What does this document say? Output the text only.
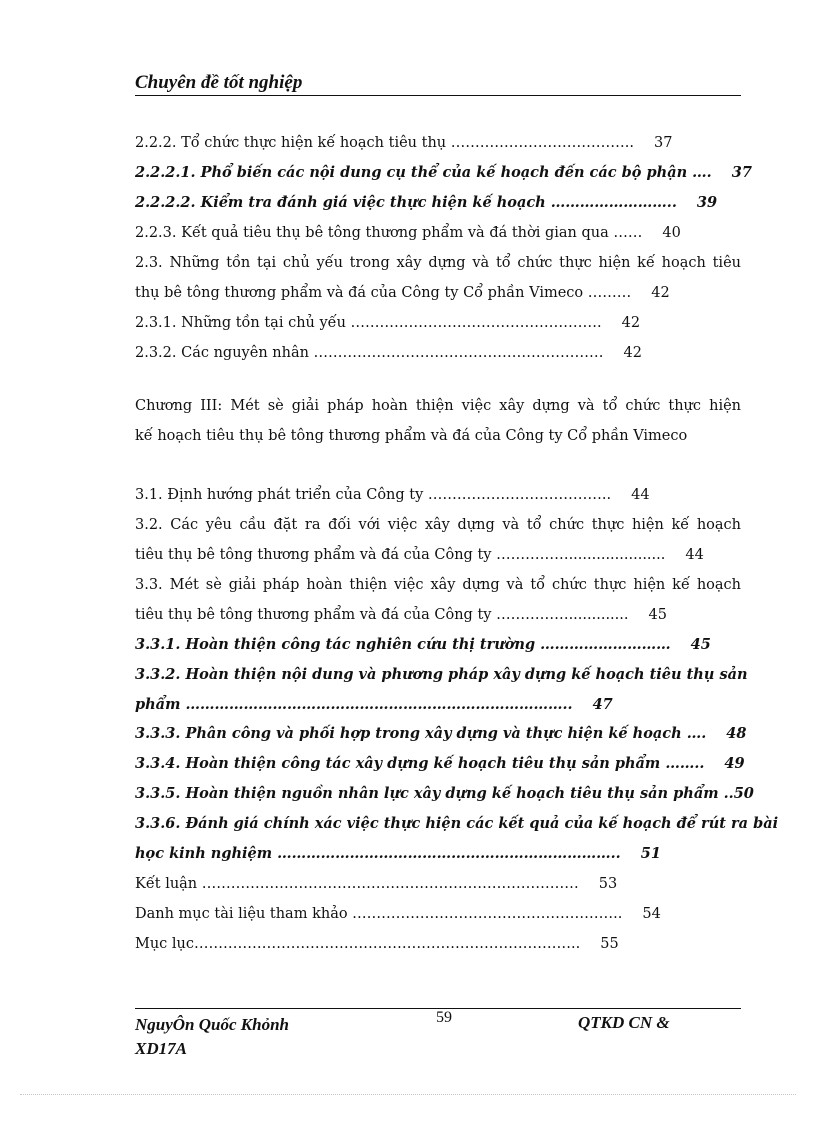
Chuyên đề tốt nghiệp
2.2.2. Tổ chức thực hiện kế hoạch tiêu thụ ……………………………….. 37
2.2.2.1. Phổ biến các nội dung cụ thể của kế hoạch đến các bộ phận …. 37
2.2.2.2. Kiểm tra đánh giá việc thực hiện kế hoạch …………………….. 39
2.2.3. Kết quả tiêu thụ bê tông thương phẩm và đá thời gian qua …… 40
2.3. Những tồn tại chủ yếu trong xây dựng và tổ chức thực hiện kế hoạch tiêu
thụ bê tông thương phẩm và đá của Công ty Cổ phần Vimeco ……… 42
2.3.1. Những tồn tại chủ yếu ……………………………………………. 42
2.3.2. Các nguyên nhân …………………………………………………… 42
Chương III: Mét sè giải pháp hoàn thiện việc xây dựng và tổ chức thực hiện
kế hoạch tiêu thụ bê tông thương phẩm và đá của Công ty Cổ phần Vimeco
3.1. Định hướng phát triển của Công ty ……………………………….. 44
3.2. Các yêu cầu đặt ra đối với việc xây dựng và tổ chức thực hiện kế hoạch
tiêu thụ bê tông thương phẩm và đá của Công ty ……………..................... 44
3.3. Mét sè giải pháp hoàn thiện việc xây dựng và tổ chức thực hiện kế hoạch
tiêu thụ bê tông thương phẩm và đá của Công ty ……………............. 45
3.3.1. Hoàn thiện công tác nghiên cứu thị trường ……………………… 45
3.3.2. Hoàn thiện nội dung và phương pháp xây dựng kế hoạch tiêu thụ sản
phẩm …………………………………………………………………….. 47
3.3.3. Phân công và phối hợp trong xây dựng và thực hiện kế hoạch …. 48
3.3.4. Hoàn thiện công tác xây dựng kế hoạch tiêu thụ sản phẩm …….. 49
3.3.5. Hoàn thiện nguồn nhân lực xây dựng kế hoạch tiêu thụ sản phẩm ..50
3.3.6. Đánh giá chính xác việc thực hiện các kết quả của kế hoạch để rút ra bài
học kinh nghiệm …………………………………………………………….. 51
Kết luận …………………………………………………………………… 53
Danh mục tài liệu tham khảo ……………………………………………….. 54
Mục lục…………………………………………………………………….. 55
NguyÔn Quốc Khỏnh
XD17A
59	QTKD CN &
